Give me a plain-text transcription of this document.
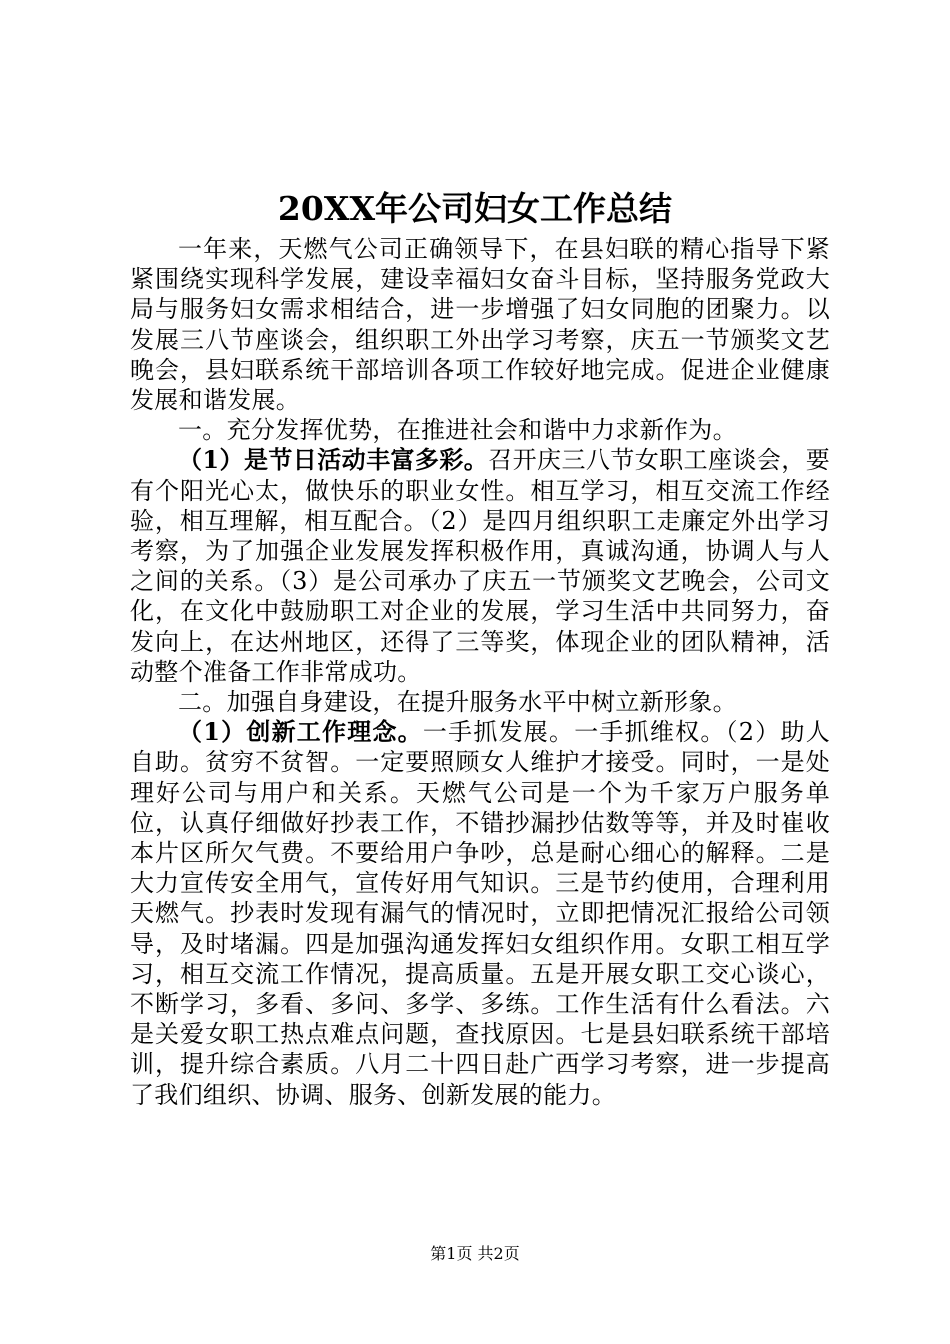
20XX年公司妇女工作总结

一年来，天燃气公司正确领导下，在县妇联的精心指导下紧紧围绕实现科学发展，建设幸福妇女奋斗目标，坚持服务党政大局与服务妇女需求相结合，进一步增强了妇女同胞的团聚力。以发展三八节座谈会，组织职工外出学习考察，庆五一节颁奖文艺晚会，县妇联系统干部培训各项工作较好地完成。促进企业健康发展和谐发展。

一。充分发挥优势，在推进社会和谐中力求新作为。

（1）是节日活动丰富多彩。召开庆三八节女职工座谈会，要有个阳光心太，做快乐的职业女性。相互学习，相互交流工作经验，相互理解，相互配合。（2）是四月组织职工走廉定外出学习考察，为了加强企业发展发挥积极作用，真诚沟通，协调人与人之间的关系。（3）是公司承办了庆五一节颁奖文艺晚会，公司文化，在文化中鼓励职工对企业的发展，学习生活中共同努力，奋发向上，在达州地区，还得了三等奖，体现企业的团队精神，活动整个准备工作非常成功。

二。加强自身建设，在提升服务水平中树立新形象。

（1）创新工作理念。一手抓发展。一手抓维权。（2）助人自助。贫穷不贫智。一定要照顾女人维护才接受。同时，一是处理好公司与用户和关系。天燃气公司是一个为千家万户服务单位，认真仔细做好抄表工作，不错抄漏抄估数等等，并及时崔收本片区所欠气费。不要给用户争吵，总是耐心细心的解释。二是大力宣传安全用气，宣传好用气知识。三是节约使用，合理利用天燃气。抄表时发现有漏气的情况时，立即把情况汇报给公司领导，及时堵漏。四是加强沟通发挥妇女组织作用。女职工相互学习，相互交流工作情况，提高质量。五是开展女职工交心谈心，不断学习，多看、多问、多学、多练。工作生活有什么看法。六是关爱女职工热点难点问题，查找原因。七是县妇联系统干部培训，提升综合素质。八月二十四日赴广西学习考察，进一步提高了我们组织、协调、服务、创新发展的能力。

第1页 共2页
